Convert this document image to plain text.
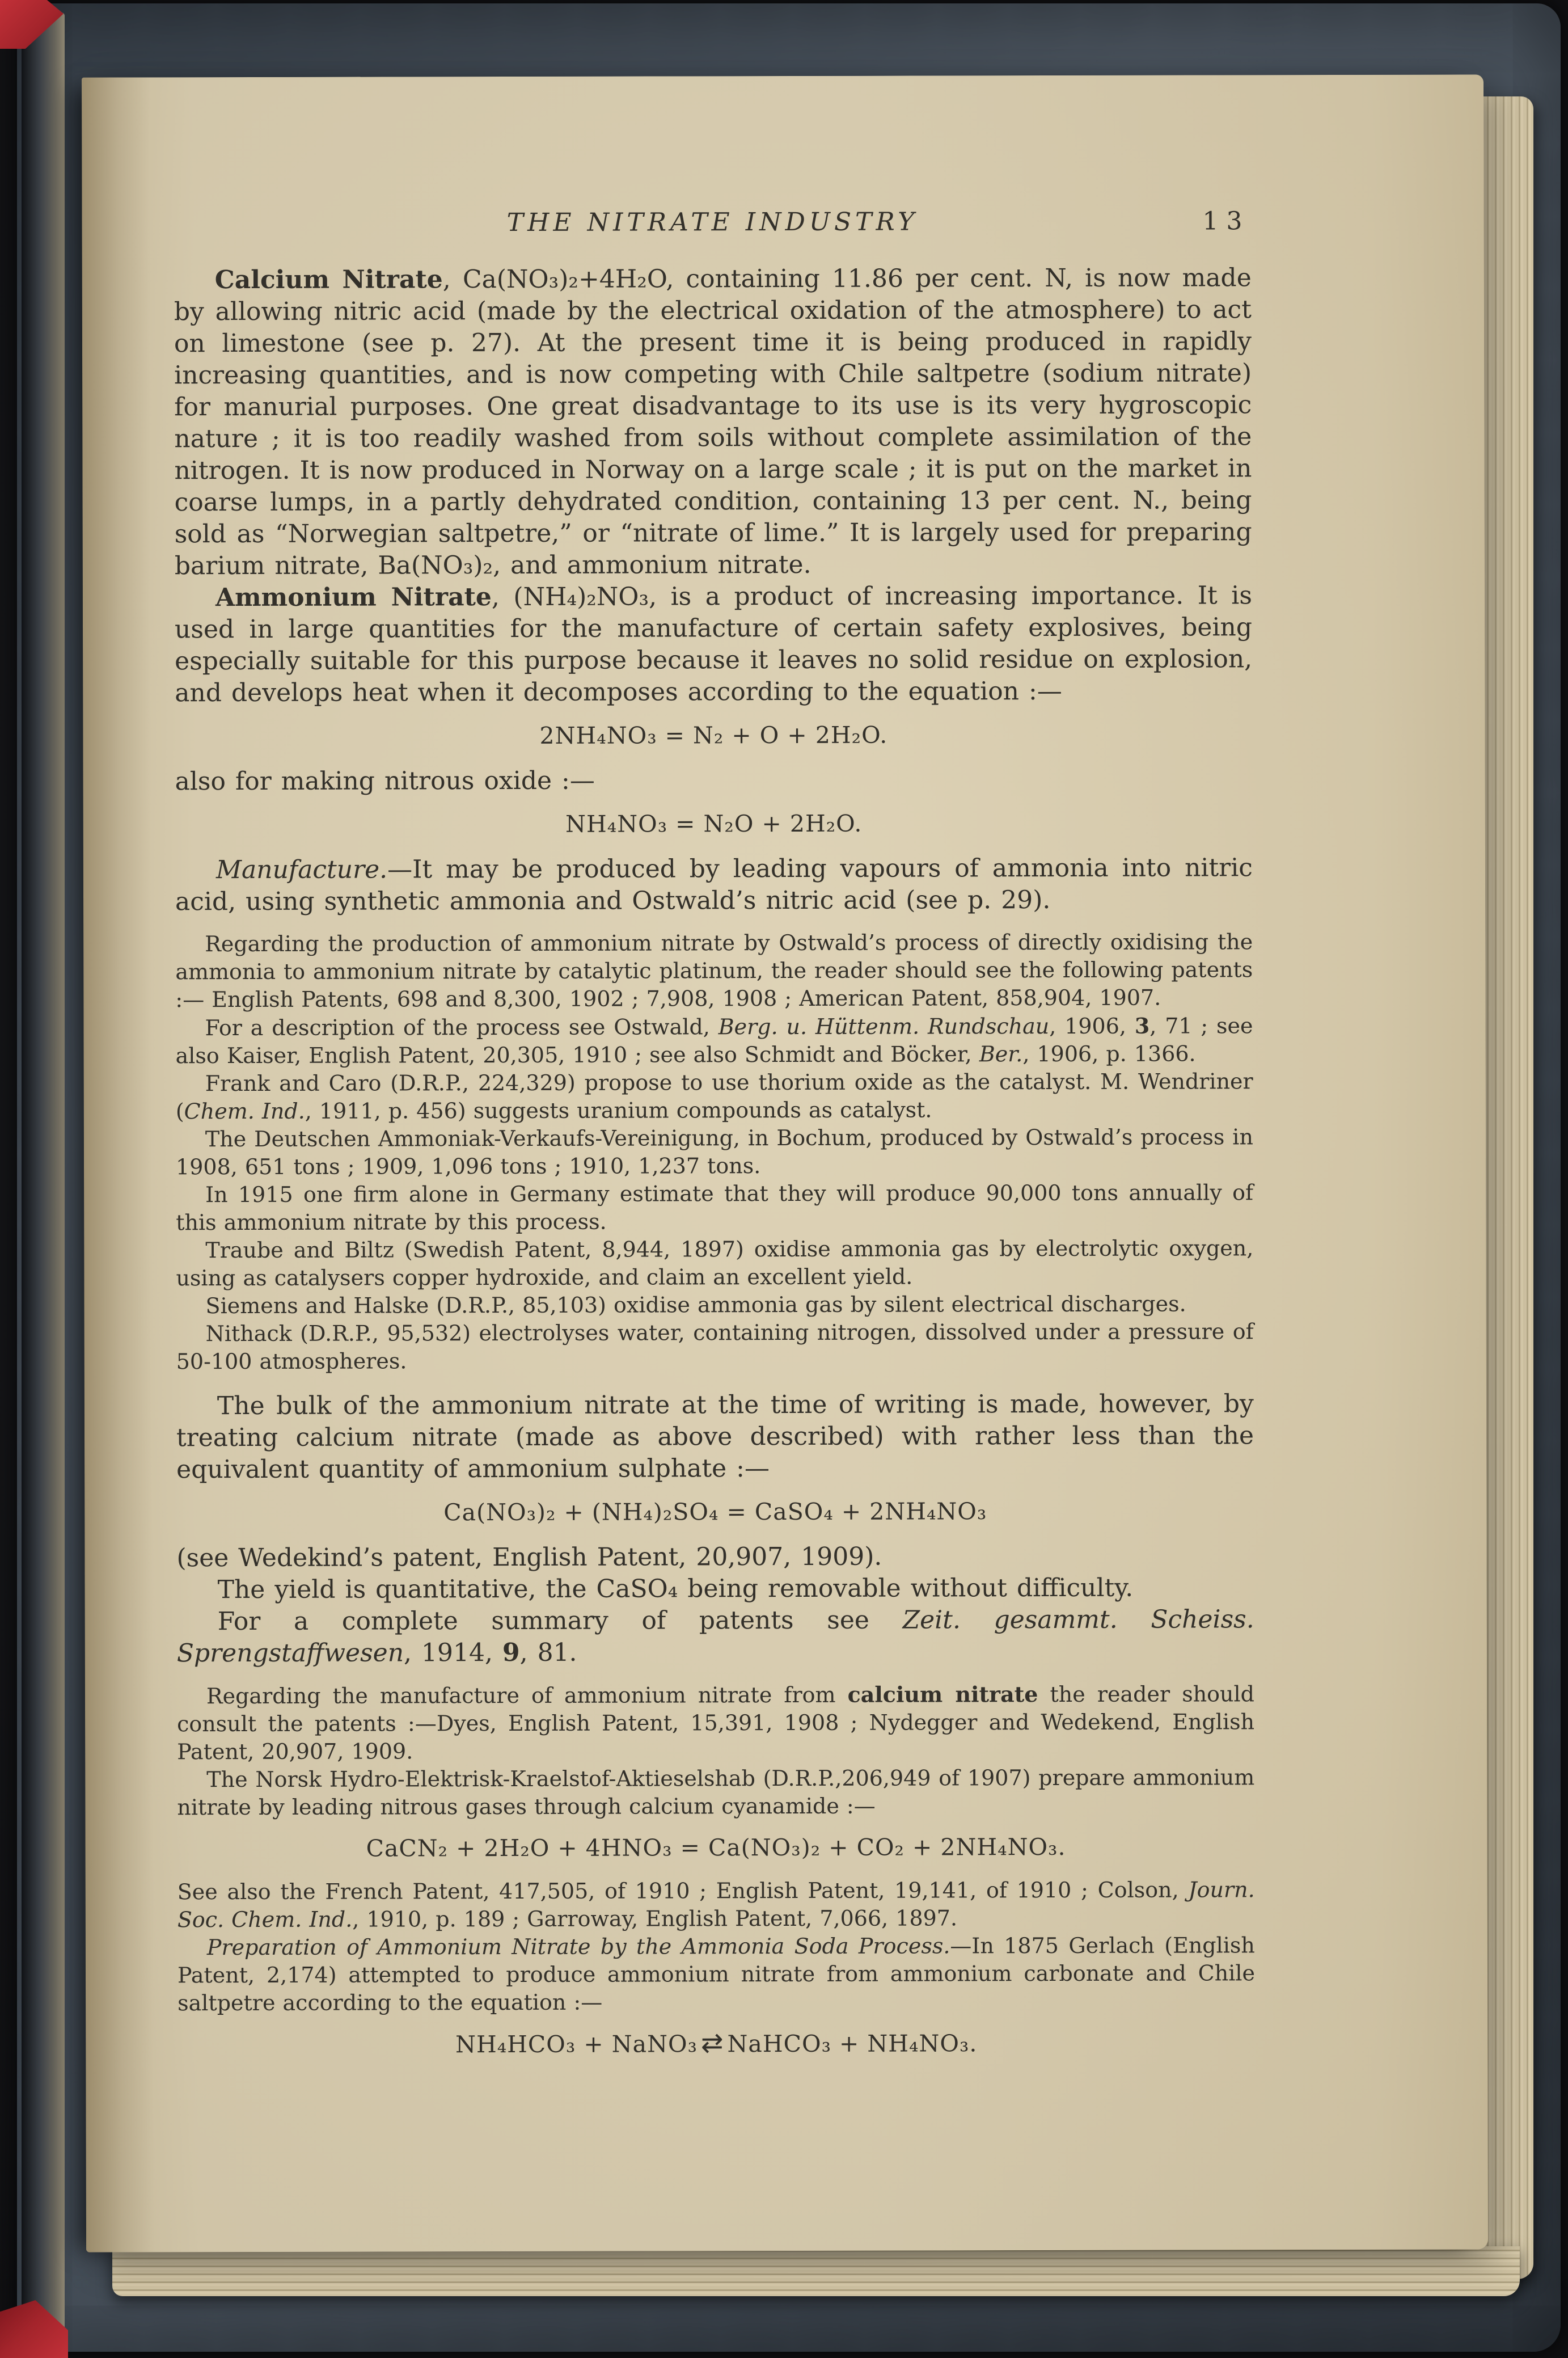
THE NITRATE INDUSTRY	13
Calcium Nitrate, Ca(NO₃)₂+4H₂O, containing 11.86 per cent. N, is now made by allowing nitric acid (made by the electrical oxidation of the atmosphere) to act on limestone (see p. 27). At the present time it is being produced in rapidly increasing quantities, and is now competing with Chile saltpetre (sodium nitrate) for manurial purposes. One great disadvantage to its use is its very hygroscopic nature ; it is too readily washed from soils without complete assimilation of the nitrogen. It is now produced in Norway on a large scale ; it is put on the market in coarse lumps, in a partly dehydrated condition, containing 13 per cent. N., being sold as “Norwegian saltpetre,” or “nitrate of lime.” It is largely used for preparing barium nitrate, Ba(NO₃)₂, and ammonium nitrate.
Ammonium Nitrate, (NH₄)₂NO₃, is a product of increasing importance. It is used in large quantities for the manufacture of certain safety explosives, being especially suitable for this purpose because it leaves no solid residue on explosion, and develops heat when it decomposes according to the equation :—
2NH₄NO₃ = N₂ + O + 2H₂O.
also for making nitrous oxide :—
NH₄NO₃ = N₂O + 2H₂O.
Manufacture.—It may be produced by leading vapours of ammonia into nitric acid, using synthetic ammonia and Ostwald’s nitric acid (see p. 29).
Regarding the production of ammonium nitrate by Ostwald’s process of directly oxidising the ammonia to ammonium nitrate by catalytic platinum, the reader should see the following patents :— English Patents, 698 and 8,300, 1902 ; 7,908, 1908 ; American Patent, 858,904, 1907.
For a description of the process see Ostwald, Berg. u. Hüttenm. Rundschau, 1906, 3, 71 ; see also Kaiser, English Patent, 20,305, 1910 ; see also Schmidt and Böcker, Ber., 1906, p. 1366.
Frank and Caro (D.R.P., 224,329) propose to use thorium oxide as the catalyst. M. Wendriner (Chem. Ind., 1911, p. 456) suggests uranium compounds as catalyst.
The Deutschen Ammoniak-Verkaufs-Vereinigung, in Bochum, produced by Ostwald’s process in 1908, 651 tons ; 1909, 1,096 tons ; 1910, 1,237 tons.
In 1915 one firm alone in Germany estimate that they will produce 90,000 tons annually of this ammonium nitrate by this process.
Traube and Biltz (Swedish Patent, 8,944, 1897) oxidise ammonia gas by electrolytic oxygen, using as catalysers copper hydroxide, and claim an excellent yield.
Siemens and Halske (D.R.P., 85,103) oxidise ammonia gas by silent electrical discharges.
Nithack (D.R.P., 95,532) electrolyses water, containing nitrogen, dissolved under a pressure of 50-100 atmospheres.
The bulk of the ammonium nitrate at the time of writing is made, however, by treating calcium nitrate (made as above described) with rather less than the equivalent quantity of ammonium sulphate :—
Ca(NO₃)₂ + (NH₄)₂SO₄ = CaSO₄ + 2NH₄NO₃
(see Wedekind’s patent, English Patent, 20,907, 1909).
The yield is quantitative, the CaSO₄ being removable without difficulty.
For a complete summary of patents see Zeit. gesammt. Scheiss. Sprengstaffwesen, 1914, 9, 81.
Regarding the manufacture of ammonium nitrate from calcium nitrate the reader should consult the patents :—Dyes, English Patent, 15,391, 1908 ; Nydegger and Wedekend, English Patent, 20,907, 1909.
The Norsk Hydro-Elektrisk-Kraelstof-Aktieselshab (D.R.P.,206,949 of 1907) prepare ammonium nitrate by leading nitrous gases through calcium cyanamide :—
CaCN₂ + 2H₂O + 4HNO₃ = Ca(NO₃)₂ + CO₂ + 2NH₄NO₃.
See also the French Patent, 417,505, of 1910 ; English Patent, 19,141, of 1910 ; Colson, Journ. Soc. Chem. Ind., 1910, p. 189 ; Garroway, English Patent, 7,066, 1897.
Preparation of Ammonium Nitrate by the Ammonia Soda Process.—In 1875 Gerlach (English Patent, 2,174) attempted to produce ammonium nitrate from ammonium carbonate and Chile saltpetre according to the equation :—
NH₄HCO₃ + NaNO₃ ⇄ NaHCO₃ + NH₄NO₃.
